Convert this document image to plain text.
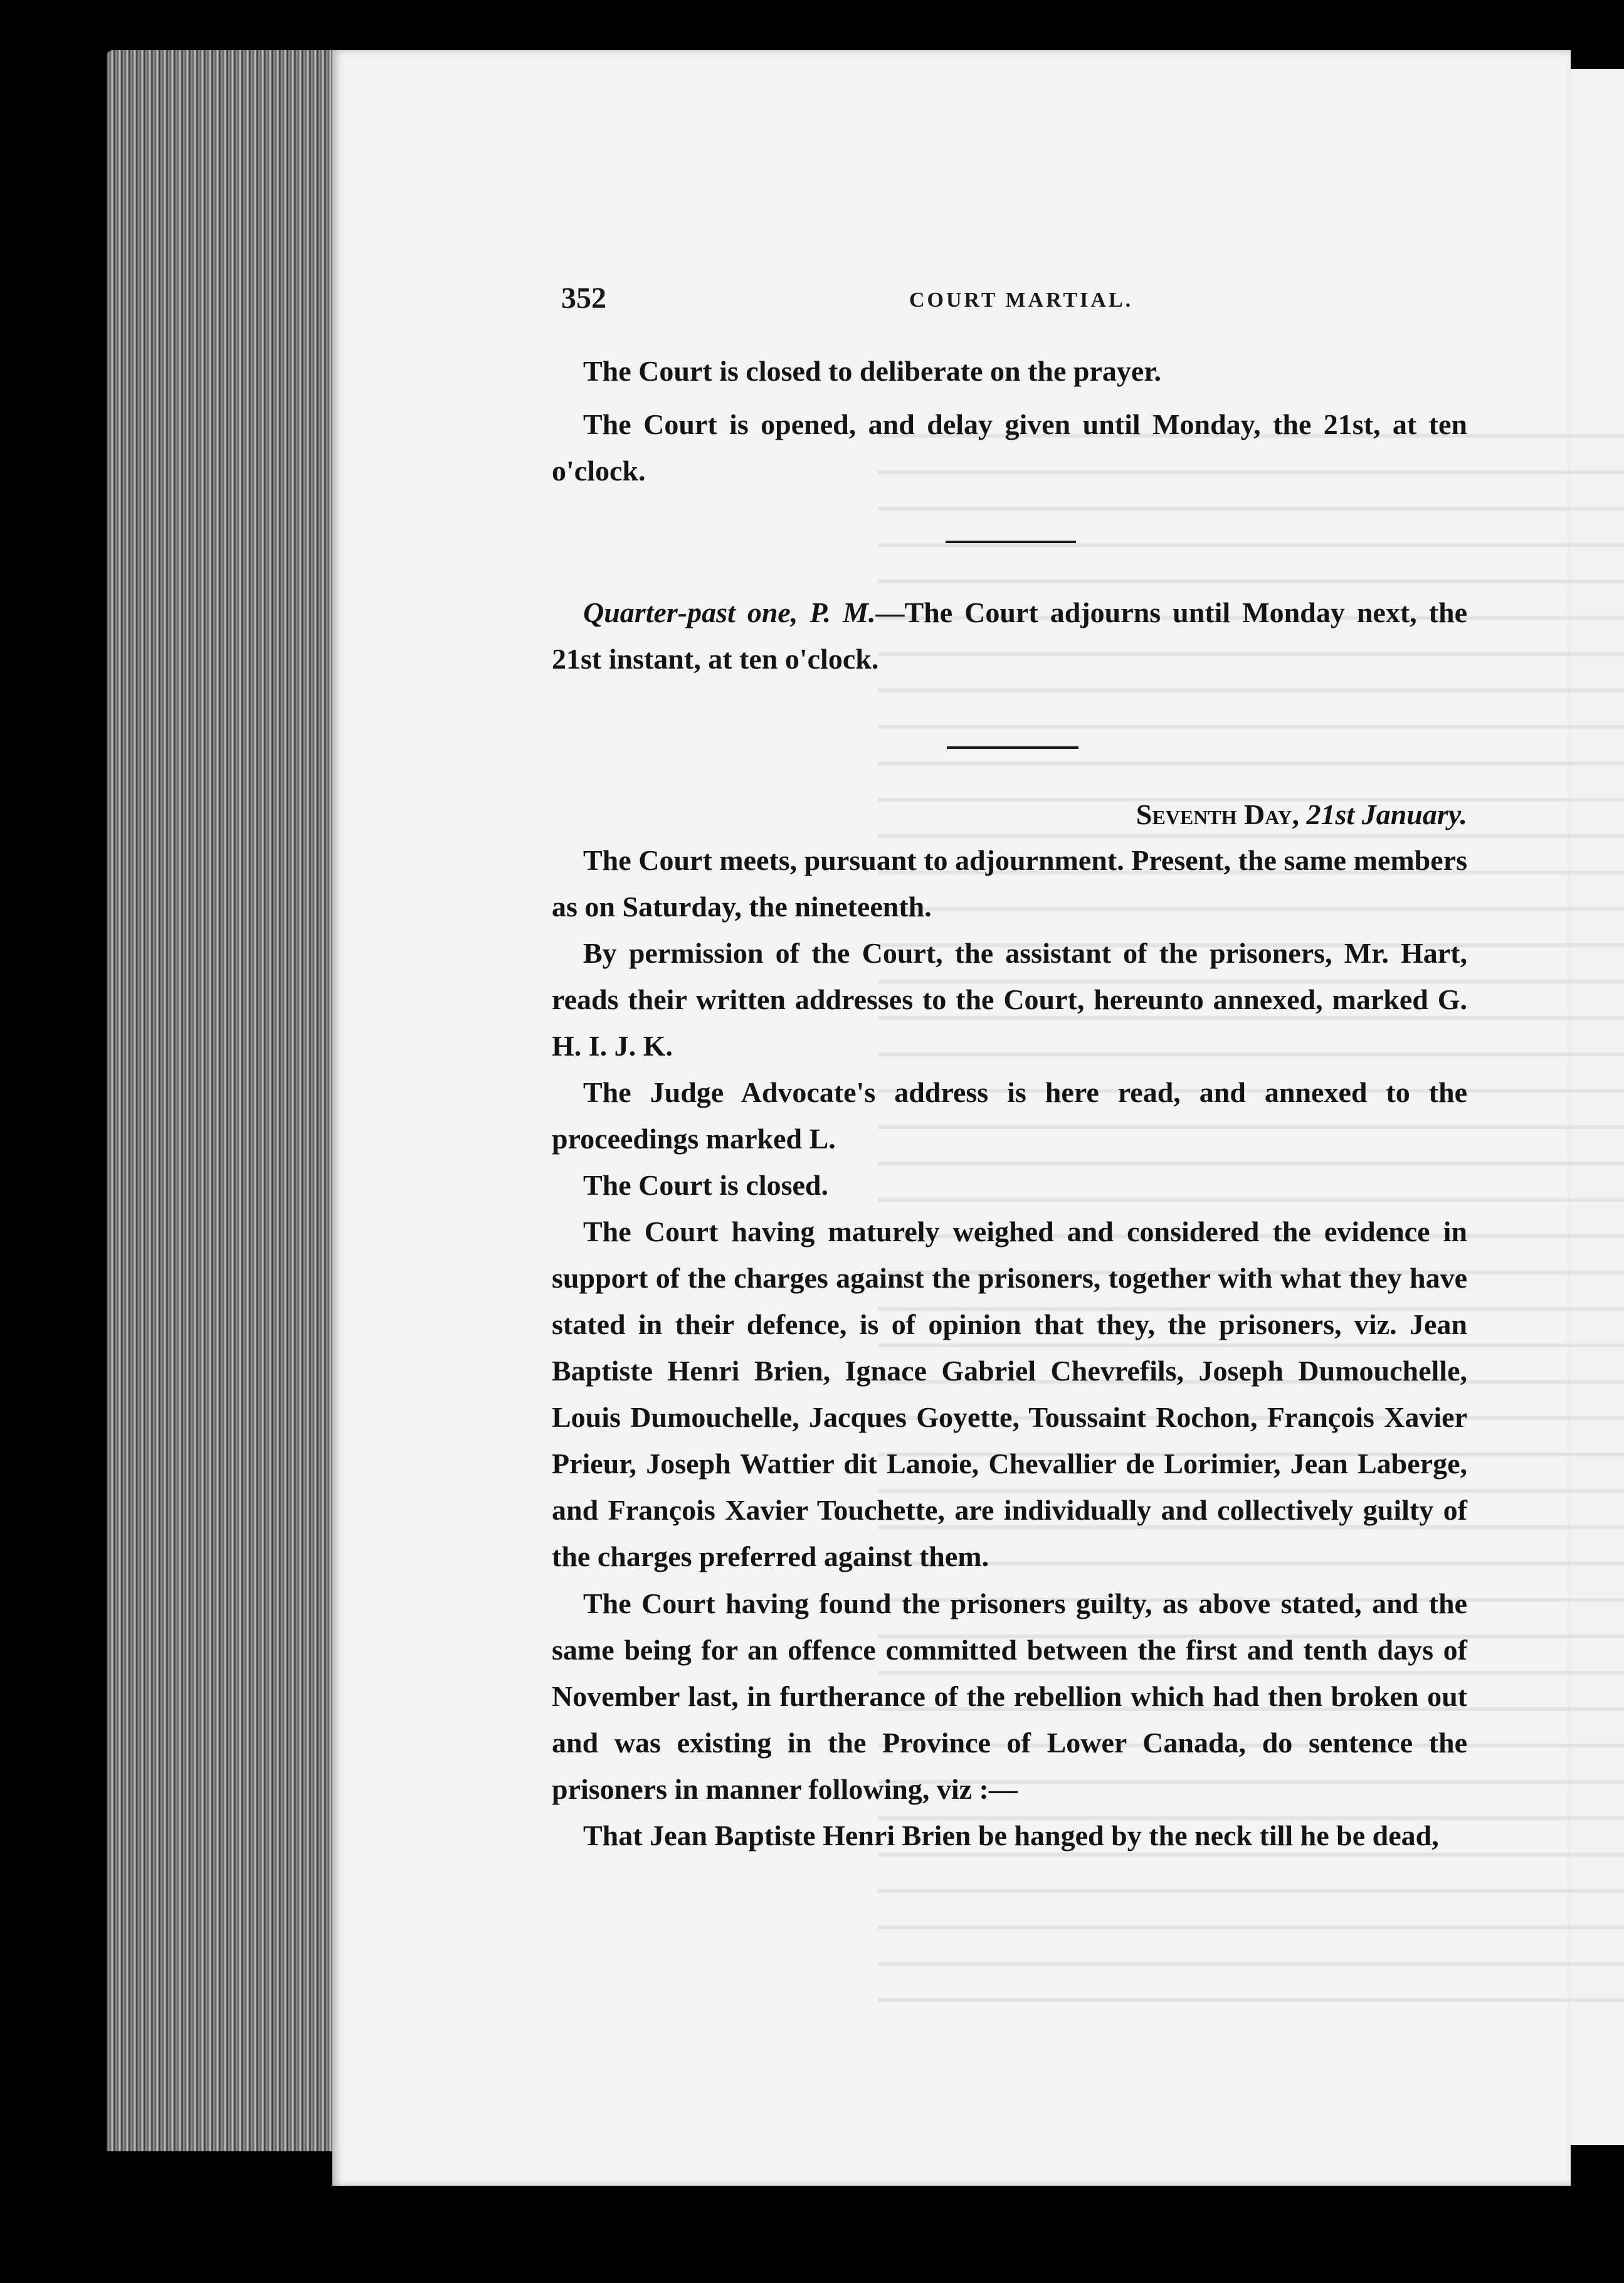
352	COURT MARTIAL.

The Court is closed to deliberate on the prayer.

The Court is opened, and delay given until Monday, the 21st, at ten o'clock.

Quarter-past one, P. M.—The Court adjourns until Monday next, the 21st instant, at ten o'clock.

Seventh Day, 21st January.

The Court meets, pursuant to adjournment. Present, the same members as on Saturday, the nineteenth.

By permission of the Court, the assistant of the prisoners, Mr. Hart, reads their written addresses to the Court, hereunto annexed, marked G. H. I. J. K.

The Judge Advocate's address is here read, and annexed to the proceedings marked L.

The Court is closed.

The Court having maturely weighed and considered the evidence in support of the charges against the prisoners, together with what they have stated in their defence, is of opinion that they, the prisoners, viz. Jean Baptiste Henri Brien, Ignace Gabriel Chevrefils, Joseph Dumouchelle, Louis Dumouchelle, Jacques Goyette, Toussaint Rochon, François Xavier Prieur, Joseph Wattier dit Lanoie, Chevallier de Lorimier, Jean Laberge, and François Xavier Touchette, are individually and collectively guilty of the charges preferred against them.

The Court having found the prisoners guilty, as above stated, and the same being for an offence committed between the first and tenth days of November last, in furtherance of the rebellion which had then broken out and was existing in the Province of Lower Canada, do sentence the prisoners in manner following, viz :—

That Jean Baptiste Henri Brien be hanged by the neck till he be dead,
